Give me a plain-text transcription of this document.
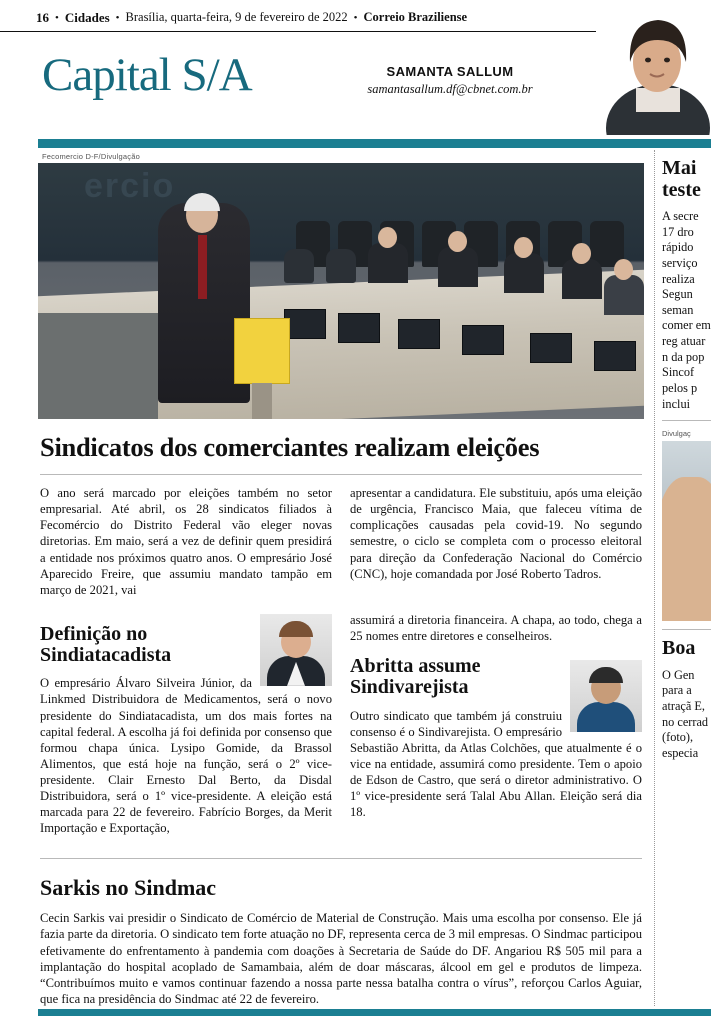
16 • Cidades • Brasília, quarta-feira, 9 de fevereiro de 2022 • Correio Braziliense
Capital S/A	SAMANTA SALLUM
samantasallum.df@cbnet.com.br
Fecomercio D-F/Divulgação
ercio
Sindicatos dos comerciantes realizam eleições

O ano será marcado por eleições também no setor empresarial. Até abril, os 28 sindicatos filiados à Fecomércio do Distrito Federal vão eleger novas diretorias. Em maio, será a vez de definir quem presidirá a entidade nos próximos quatro anos. O empresário José Aparecido Freire, que assumiu mandato tampão em março de 2021, vai

apresentar a candidatura. Ele substituiu, após uma eleição de urgência, Francisco Maia, que faleceu vítima de complicações causadas pela covid-19. No segundo semestre, o ciclo se completa com o processo eleitoral para direção da Confederação Nacional do Comércio (CNC), hoje comandada por José Roberto Tadros.

Definição no Sindiatacadista

O empresário Álvaro Silveira Júnior, da Linkmed Distribuidora de Medicamentos, será o novo presidente do Sindiatacadista, um dos mais fortes na capital federal. A escolha já foi definida por consenso que formou chapa única. Lysipo Gomide, da Brassol Alimentos, que está hoje na função, será o 2º vice-presidente. Clair Ernesto Dal Berto, da Disdal Distribuidora, será o 1º vice-presidente. A eleição está marcada para 22 de fevereiro. Fabrício Borges, da Merit Importação e Exportação,

assumirá a diretoria financeira. A chapa, ao todo, chega a 25 nomes entre diretores e conselheiros.

Abritta assume Sindivarejista

Outro sindicato que também já construiu consenso é o Sindivarejista. O empresário Sebastião Abritta, da Atlas Colchões, que atualmente é o vice na entidade, assumirá como presidente. Tem o apoio de Edson de Castro, que será o diretor administrativo. O 1º vice-presidente será Talal Abu Allan. Eleição será dia 18.

Sarkis no Sindmac

Cecin Sarkis vai presidir o Sindicato de Comércio de Material de Construção. Mais uma escolha por consenso. Ele já fazia parte da diretoria. O sindicato tem forte atuação no DF, representa cerca de 3 mil empresas. O Sindmac participou efetivamente do enfrentamento à pandemia com doações à Secretaria de Saúde do DF. Angariou R$ 505 mil para a implantação do hospital acoplado de Samambaia, além de doar máscaras, álcool em gel e produtos de limpeza. “Contribuímos muito e vamos continuar fazendo a nossa parte nessa batalha contra o vírus”, reforçou Carlos Aguiar, que fica na presidência do Sindmac até 22 de fevereiro.

Mai teste

A secre 17 dro rápido serviço realiza Segun seman comer em reg atuar n da pop Sincof pelos p inclui

Divulgaç
Boa

O Gen para a atraçã E, no cerrad (foto), especia
